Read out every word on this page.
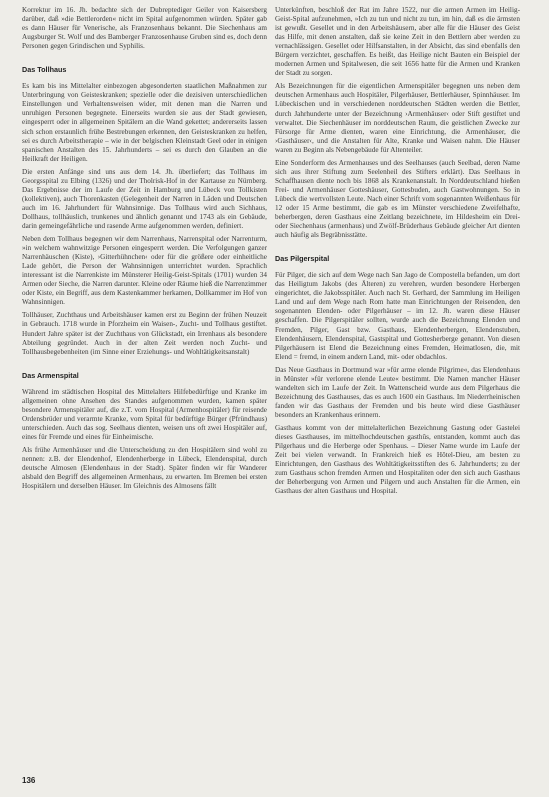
Korrektur im 16. Jh. bedachte sich der Dubreptediger Geiler von Kaisersberg darüber, daß »die Bettlerorden« nicht im Spital aufgenommen würden. Später gab es dann Häuser für Venerische, als Franzosenhaus bekannt. Die Siechenhaus am Augsburger St. Wolf und des Bamberger Franzosenhause Gruben sind es, doch denn Personen gegen Grindischen und Syphilis.

Das Tollhaus

Es kam bis ins Mittelalter einbezogen abgesonderten staatlichen Maßnahmen zur Unterbringung von Geisteskranken; spezielle oder die dezisiven unterschiedlichen Einstellungen und Verhaltensweisen wider, mit denen man die Narren und unruhigen Personen begegnete. Einerseits wurden sie aus der Stadt gewiesen, eingesperrt oder in allgemeinen Spitälern an die Wand gekettet; andererseits lassen sich schon erstaunlich frühe Bestrebungen erkennen, den Geisteskranken zu helfen, sei es durch Arbeitstherapie – wie in der belgischen Kleinstadt Geel oder in einigen spanischen Anstalten des 15. Jahrhunderts – sei es durch den Glauben an die Heilkraft der Heiligen.

Die ersten Anfänge sind uns aus dem 14. Jh. überliefert; das Tollhaus im Georgsspital zu Elbing (1326) und der Tholrisk-Hof in der Kartause zu Nürnberg. Das Ergebnisse der im Laufe der Zeit in Hamburg und Lübeck von Tollkisten (kollektiven), auch Thorenkasten (Gelegenheit der Narren in Läden und Deutschen auch im 16. Jahrhundert für Wahnsinnige. Das Tollhaus wird auch Sichhaus, Dollhaus, tollhäuslich, trunkenes und ähnlich genannt und 1743 als ein Gebäude, darin gemeingefährliche und rasende Arme aufgenommen werden, definiert.

Neben dem Tollhaus begegnen wir dem Narrenhaus, Narrenspital oder Narrenturm, »in welchem wahnwitzige Personen eingesperrt werden. Die Verfolgungen ganzer Narrenhäuschen (Kiste), ›Gitterhühnchen‹ oder für die größere oder einheitliche Lade gehört, die Person der Wahnsinnigen unterrichtet wurden. Sprachlich interessant ist die Narrenkiste im Münsterer Heilig-Geist-Spitals (1701) wurden 34 Armen oder Sieche, die Narren darunter. Kleine oder Räume hieß die Narrenzimmer oder Kiste, ein Begriff, aus dem Kastenkammer herkamen, Dollkammer im Hof von Wahnsinnigen.

Tollhäuser, Zuchthaus und Arbeitshäuser kamen erst zu Beginn der frühen Neuzeit in Gebrauch. 1718 wurde in Pforzheim ein Waisen-, Zucht- und Tollhaus gestiftet. Hundert Jahre später ist der Zuchthaus von Glückstadt, ein Irrenhaus als besondere Abteilung gegründet. Auch in der alten Zeit werden noch Zucht- und Tollhausbegebenheiten (im Sinne einer Erziehungs- und Wohltätigkeitsanstalt)

Das Armenspital

Während im städtischen Hospital des Mittelalters Hilfebedürftige und Kranke im allgemeinen ohne Ansehen des Standes aufgenommen wurden, kamen später besondere Armenspitäler auf, die z.T. vom Hospital (Armenhospitäler) für reisende Ordensbrüder und verarmte Kranke, vom Spital für bedürftige Bürger (Pfründhaus) unterschieden. Auch das sog. Seelhaus dienten, weisen uns oft zwei Hospitäler auf, eines für Fremde und eines für Einheimische.

Als frühe Armenhäuser und die Unterscheidung zu den Hospitälern sind wohl zu nennen: z.B. der Elendenhof, Elendenherberge in Lübeck, Elendenspital, durch deutsche Almosen (Elendenhaus in der Stadt). Später finden wir für Wanderer alsbald den Begriff des allgemeinen Armenhaus, zu erwarten. Im Bremen bei ersten Hospitälern und derselben Häuser. Im Gleichnis des Almosens fällt

Unterkünften, beschloß der Rat im Jahre 1522, nur die armen Armen im Heilig-Geist-Spital aufzunehmen, »Ich zu tun und nicht zu tun, im hin, daß es die ärmsten ist gewußt. Gesellet und in den Arbeitshäusern, aber alle für die Häuser des Geist das Hilfe, mit denen anstalten, daß sie keine Zeit in den Bettlern aber werden zu vernachlässigen. Gesellet oder Hilfsanstalten, in der Absicht, das sind ebenfalls den Bürgern verzichtet, geschaffen. Es heißt, das Heilige nicht Bauten ein Beispiel der modernen Armen und Spitalwesen, die seit 1656 hatte für die Armen und Kranken der Stadt zu sorgen.

Als Bezeichnungen für die eigentlichen Armenspitäler begegnen uns neben dem deutschen Armenhaus auch Hospitäler, Pilgerhäuser, Bettlerhäuser, Spinnhäuser. Im Lübeckischen und in verschiedenen norddeutschen Städten werden die Bettler, durch Jahrhunderte unter der Bezeichnung ›Armenhäuser‹ oder Stift gestiftet und verwaltet. Die Siechenhäuser im norddeutschen Raum, die geistlichen Zwecke zur Fürsorge für Arme dienten, waren eine Einrichtung, die Armenhäuser, die ›Gasthäuser‹, und die Anstalten für Alte, Kranke und Waisen nahm. Die Häuser waren zu Beginn als Nebengebäude für Altenteiler.

Eine Sonderform des Armenhauses und des Seelhauses (auch Seelbad, deren Name sich aus ihrer Stiftung zum Seelenheil des Stifters erklärt). Das Seelhaus in Schaffhausen diente noch bis 1868 als Krankenanstalt. In Norddeutschland hießen Frei- und Armenhäuser Gotteshäuser, Gottesbuden, auch Gastwohnungen. So in Lübeck die wertvollsten Leute. Nach einer Schrift vom sogenannten Weißenhaus für 12 oder 15 Arme bestimmt, die gab es im Münster verschiedene Zweifelhafte, beherbergen, deren Gasthaus eine Zeitlang bezeichnete, im Hildesheim ein Drei- oder Siechenhaus (armenhaus) und Zwölf-Brüderhaus Gebäude gleicher Art dienten auch häufig als Begräbnisstätte.

Das Pilgerspital

Für Pilger, die sich auf dem Wege nach San Jago de Compostella befanden, um dort das Heiligtum Jakobs (des Älteren) zu verehren, wurden besondere Herbergen eingerichtet, die Jakobsspitäler. Auch nach St. Gerhard, der Sammlung im Heiligen Land und auf dem Wege nach Rom hatte man Einrichtungen der Reisenden, den sogenannten Elenden- oder Pilgerhäuser – im 12. Jh. waren diese Häuser geschaffen. Die Pilgerspitäler sollten, wurde auch die Bezeichnung Elenden und Fremden, Pilger, Gast bzw. Gasthaus, Elendenherbergen, Elendenstuben, Elendenhäusern, Elendenspital, Gastspital und Gottesherberge genannt. Von diesen Pilgerhäusern ist Elend die Bezeichnung eines Fremden, Heimatlosen, die, mit Elend = fremd, in einem andern Land, mit- oder obdachlos.

Das Neue Gasthaus in Dortmund war »für arme elende Pilgrime«, das Elendenhaus in Münster »für verlorene elende Leute« bestimmt. Die Namen mancher Häuser wandelten sich im Laufe der Zeit. In Wattenscheid wurde aus dem Pilgerhaus die Bezeichnung des Gasthauses, das es auch 1600 ein Gasthaus. Im Niederrheinischen fanden wir das Gasthaus der Fremden und bis heute wird diese Gasthäuser besonders an Krankenhaus erinnern.

Gasthaus kommt von der mittelalterlichen Bezeichnung Gastung oder Gastelei dieses Gasthauses, im mittelhochdeutschen gasthûs, entstanden, kommt auch das Pilgerhaus und die Herberge oder Spenhaus. – Dieser Name wurde im Laufe der Zeit bei vielen verwandt. In Frankreich hieß es Hôtel-Dieu, am besten zu Einrichtungen, den Gasthaus des Wohltätigkeitsstiften des 6. Jahrhunderts; zu der zum Gasthaus schon fremden Armen und Hospitaliten oder den sich auch Gasthaus der Beherbergung von Armen und Pilgern und auch Anstalten für die Armen, ein Gasthaus der alten Gasthaus und Hospital.

136
